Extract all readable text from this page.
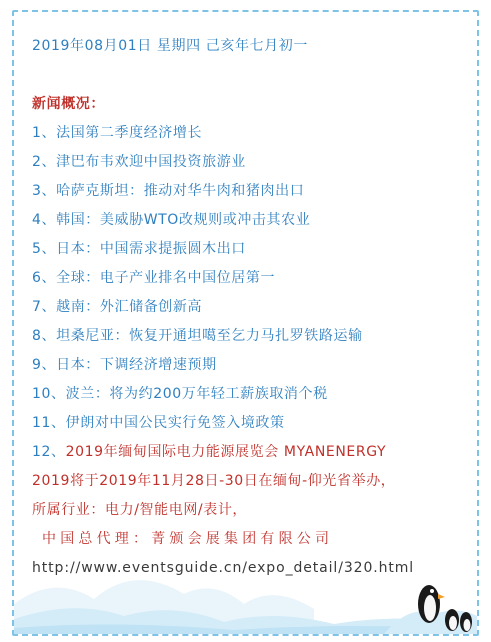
2019年08月01日 星期四 己亥年七月初一
新闻概况：
1、法国第二季度经济增长
2、津巴布韦欢迎中国投资旅游业
3、哈萨克斯坦：推动对华牛肉和猪肉出口
4、韩国：美威胁WTO改规则或冲击其农业
5、日本：中国需求提振圆木出口
6、全球：电子产业排名中国位居第一
7、越南：外汇储备创新高
8、坦桑尼亚：恢复开通坦噶至乞力马扎罗铁路运输
9、日本：下调经济增速预期
10、波兰：将为约200万年轻工薪族取消个税
11、伊朗对中国公民实行免签入境政策
12、2019年缅甸国际电力能源展览会 MYANENERGY
2019将于2019年11月28日-30日在缅甸-仰光省举办，
所属行业：电力/智能电网/表计，
中国总代理：菁颁会展集团有限公司
http://www.eventsguide.cn/expo_detail/320.html
